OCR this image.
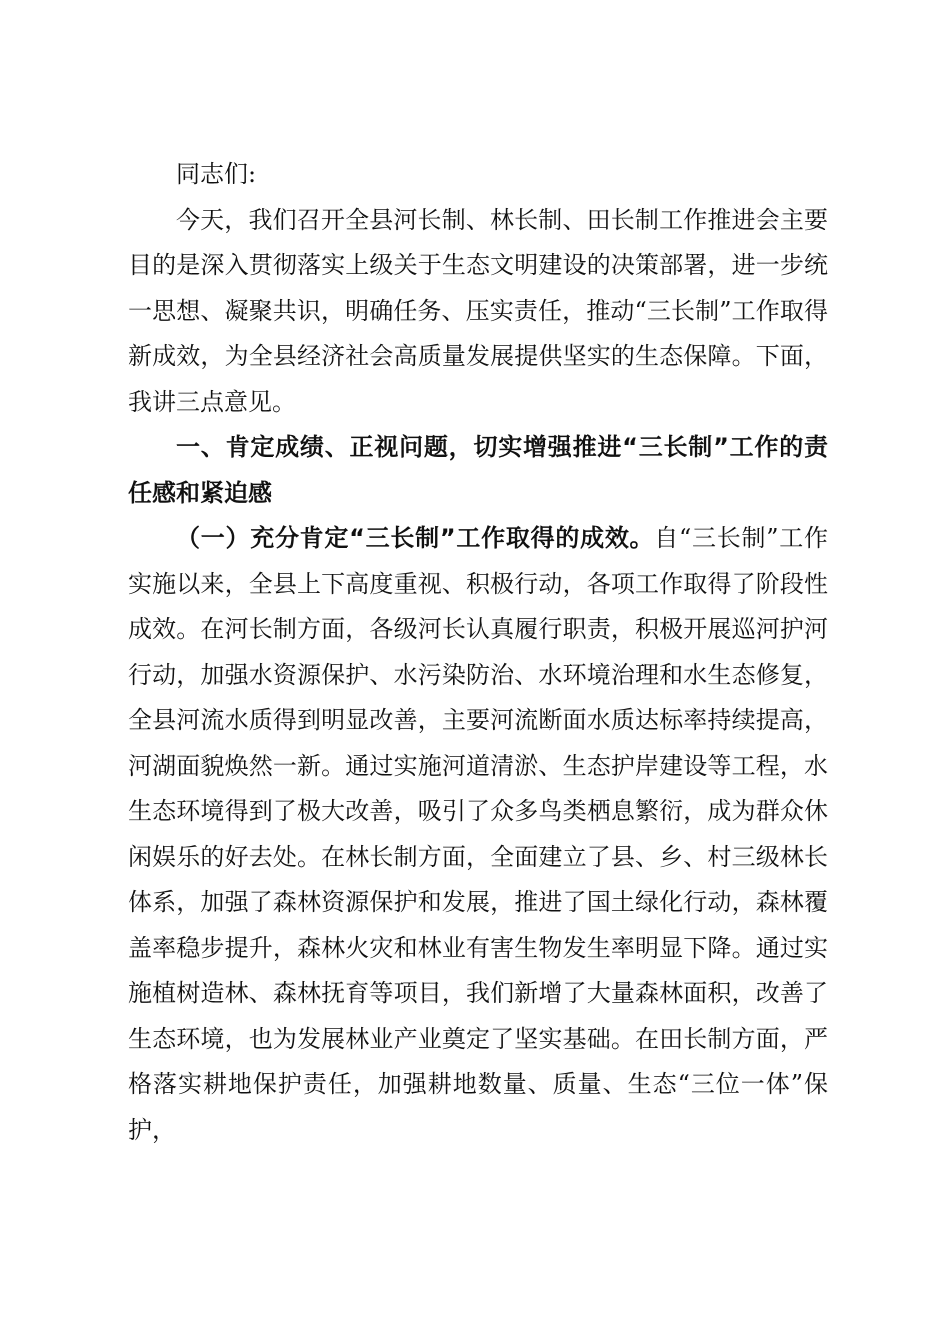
同志们:

今天，我们召开全县河长制、林长制、田长制工作推进会主要目的是深入贯彻落实上级关于生态文明建设的决策部署，进一步统一思想、凝聚共识，明确任务、压实责任，推动“三长制”工作取得新成效，为全县经济社会高质量发展提供坚实的生态保障。下面，我讲三点意见。

一、肯定成绩、正视问题，切实增强推进“三长制”工作的责任感和紧迫感

（一）充分肯定“三长制”工作取得的成效。自“三长制”工作实施以来，全县上下高度重视、积极行动，各项工作取得了阶段性成效。在河长制方面，各级河长认真履行职责，积极开展巡河护河行动，加强水资源保护、水污染防治、水环境治理和水生态修复，全县河流水质得到明显改善，主要河流断面水质达标率持续提高，河湖面貌焕然一新。通过实施河道清淤、生态护岸建设等工程，水生态环境得到了极大改善，吸引了众多鸟类栖息繁衍，成为群众休闲娱乐的好去处。在林长制方面，全面建立了县、乡、村三级林长体系，加强了森林资源保护和发展，推进了国土绿化行动，森林覆盖率稳步提升，森林火灾和林业有害生物发生率明显下降。通过实施植树造林、森林抚育等项目，我们新增了大量森林面积，改善了生态环境，也为发展林业产业奠定了坚实基础。在田长制方面，严格落实耕地保护责任，加强耕地数量、质量、生态“三位一体”保护，
